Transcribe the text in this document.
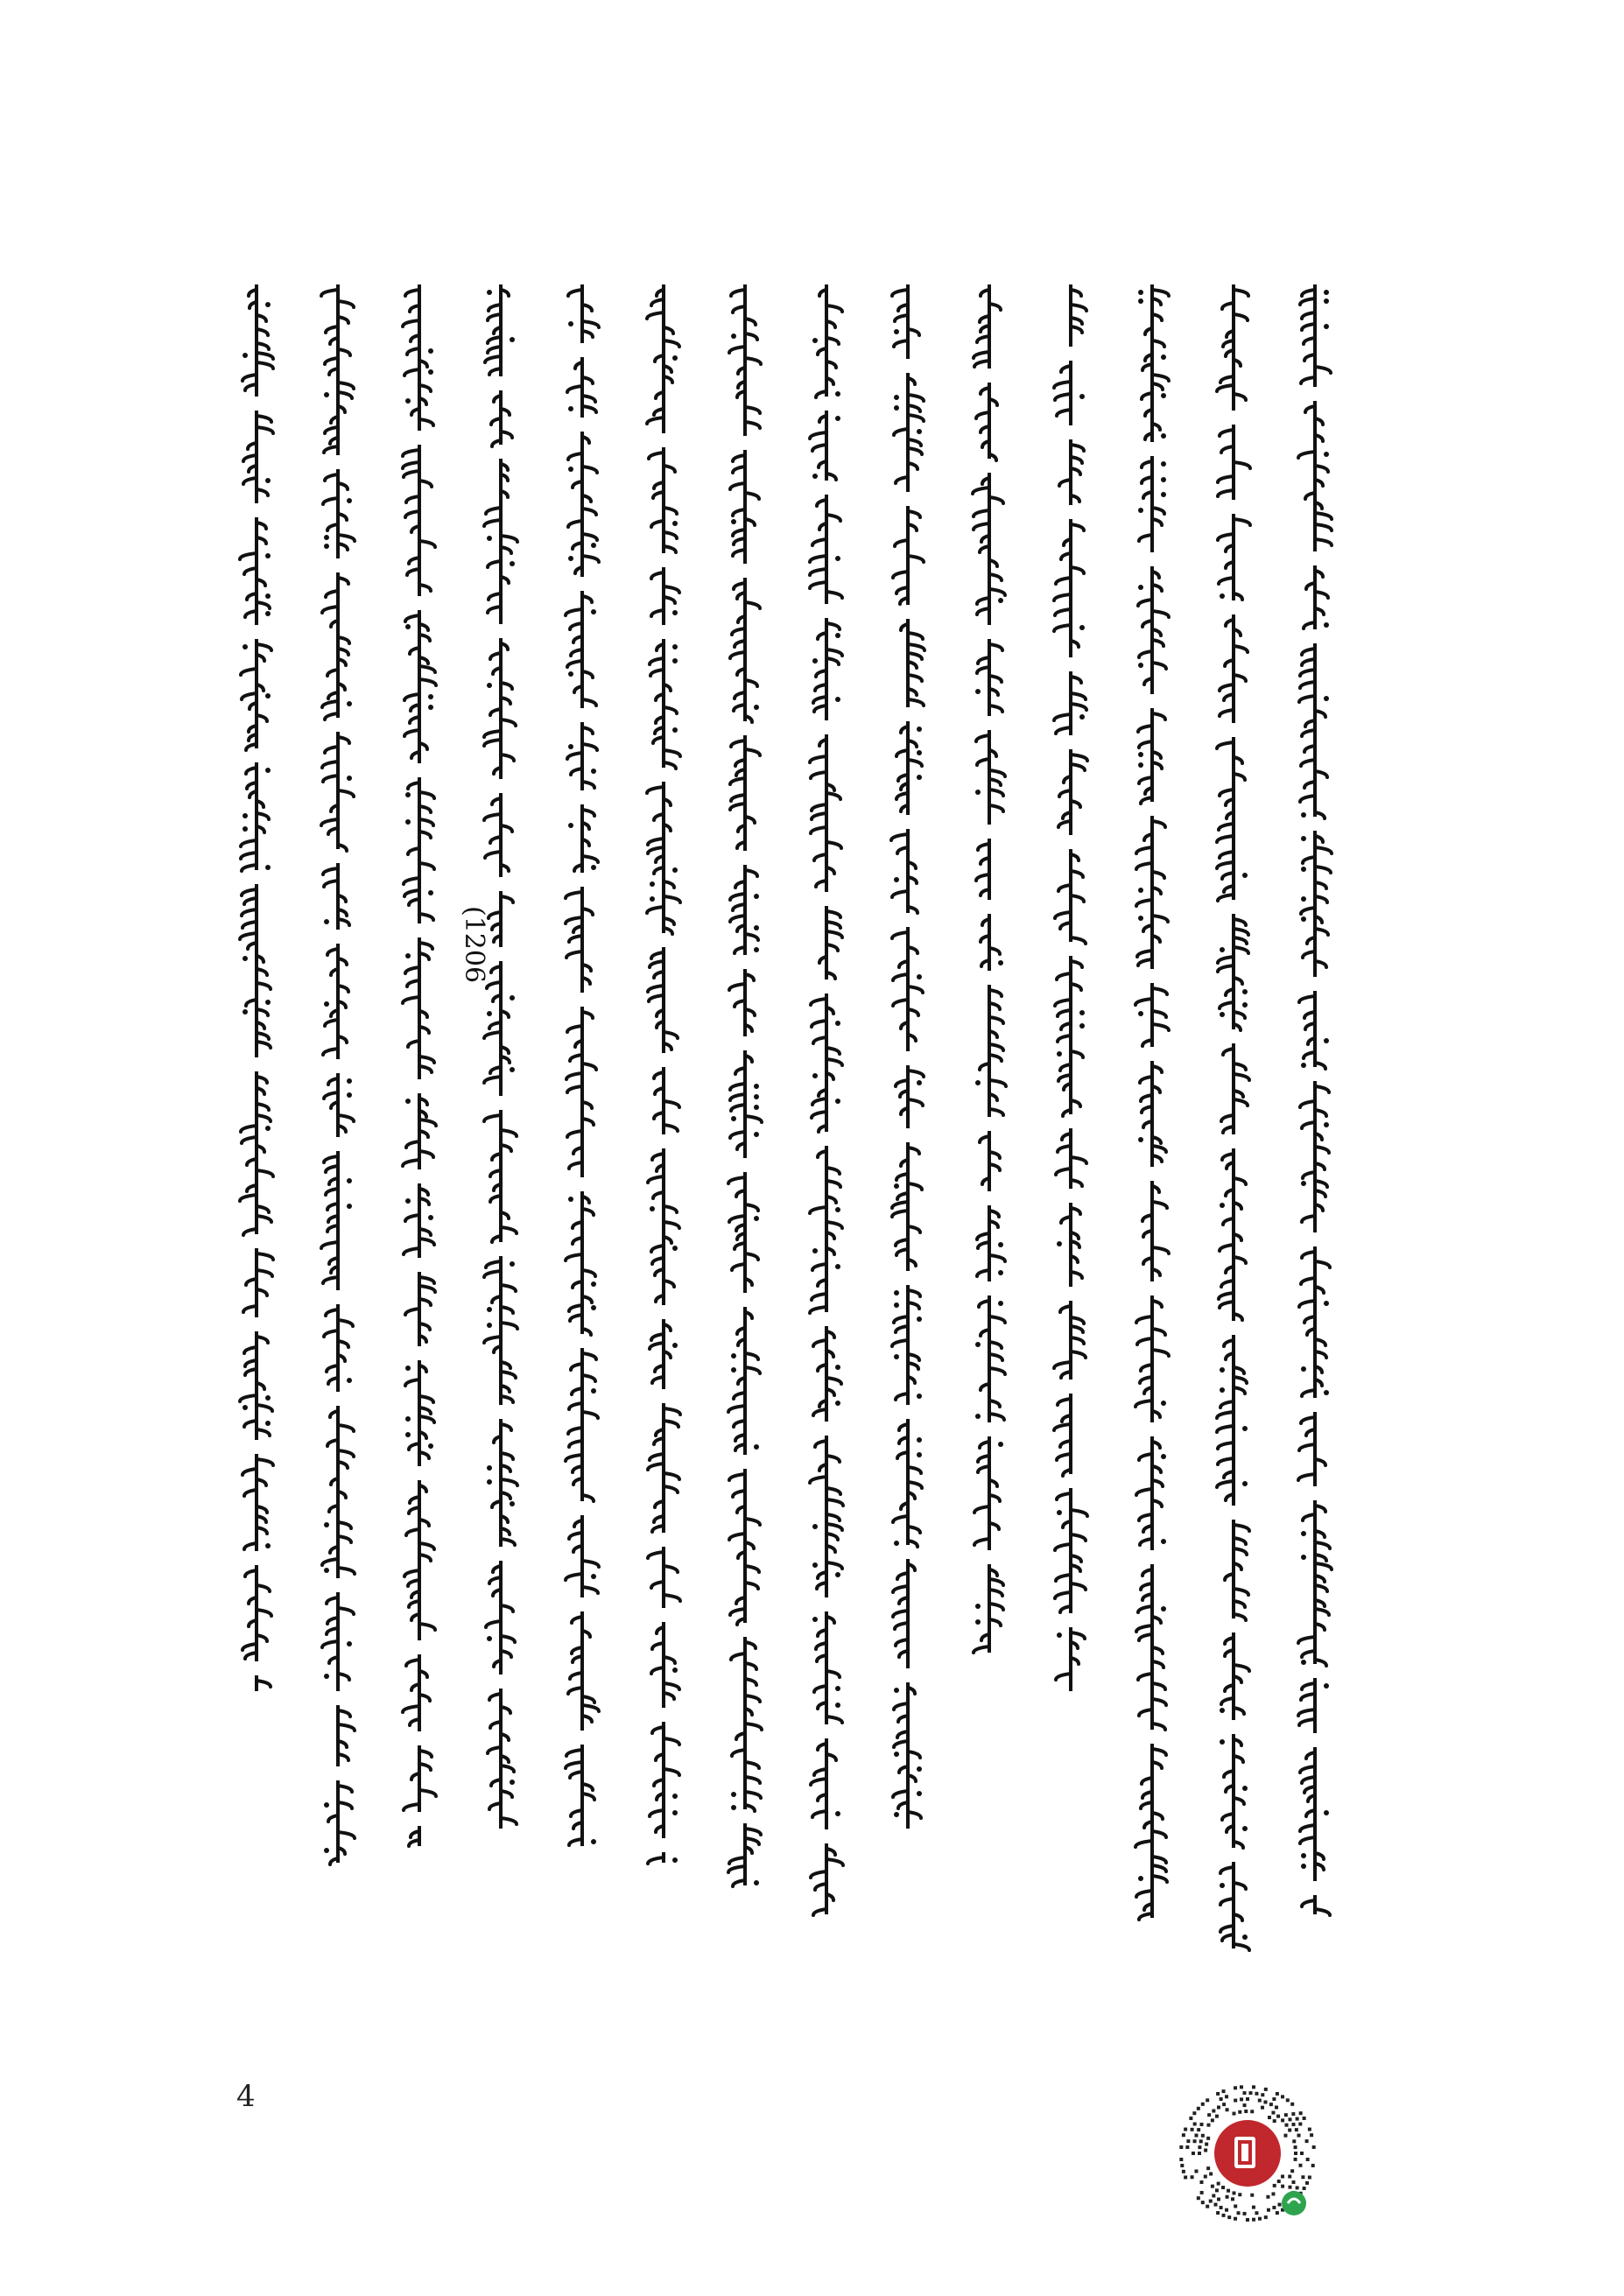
(1206
4
